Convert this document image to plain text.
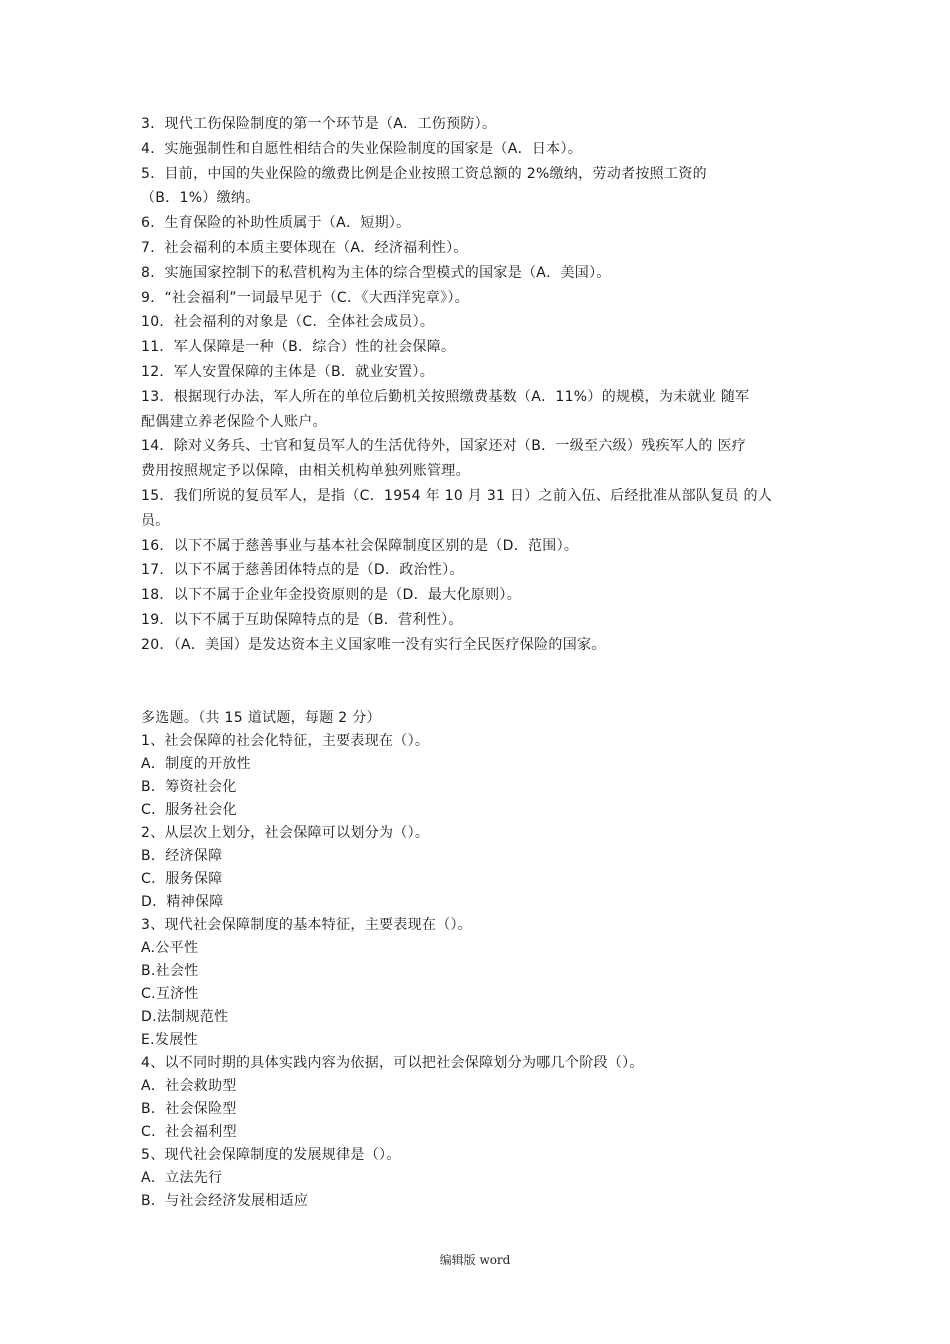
3．现代工伤保险制度的第一个环节是（A．工伤预防）。
4．实施强制性和自愿性相结合的失业保险制度的国家是（A．日本）。
5．目前，中国的失业保险的缴费比例是企业按照工资总额的 2%缴纳，劳动者按照工资的
（B．1%）缴纳。
6．生育保险的补助性质属于（A．短期）。
7．社会福利的本质主要体现在（A．经济福利性）。
8．实施国家控制下的私营机构为主体的综合型模式的国家是（A．美国）。
9．“社会福利”一词最早见于（C．《大西洋宪章》）。
10．社会福利的对象是（C．全体社会成员）。
11．军人保障是一种（B．综合）性的社会保障。
12．军人安置保障的主体是（B．就业安置）。
13．根据现行办法，军人所在的单位后勤机关按照缴费基数（A．11%）的规模，为未就业 随军
配偶建立养老保险个人账户。
14．除对义务兵、士官和复员军人的生活优待外，国家还对（B．一级至六级）残疾军人的 医疗
费用按照规定予以保障，由相关机构单独列账管理。
15．我们所说的复员军人，是指（C．1954 年 10 月 31 日）之前入伍、后经批准从部队复员 的人
员。
16．以下不属于慈善事业与基本社会保障制度区别的是（D．范围）。
17．以下不属于慈善团体特点的是（D．政治性）。
18．以下不属于企业年金投资原则的是（D．最大化原则）。
19．以下不属于互助保障特点的是（B．营利性）。
20．（A．美国）是发达资本主义国家唯一没有实行全民医疗保险的国家。
多选题。（共 15 道试题，每题 2 分）
1、社会保障的社会化特征，主要表现在（）。
A．制度的开放性
B．筹资社会化
C．服务社会化
2、从层次上划分，社会保障可以划分为（）。
B．经济保障
C．服务保障
D．精神保障
3、现代社会保障制度的基本特征，主要表现在（）。
A.公平性
B.社会性
C.互济性
D.法制规范性
E.发展性
4、以不同时期的具体实践内容为依据，可以把社会保障划分为哪几个阶段（）。
A．社会救助型
B．社会保险型
C．社会福利型
5、现代社会保障制度的发展规律是（）。
A．立法先行
B．与社会经济发展相适应
编辑版 word
